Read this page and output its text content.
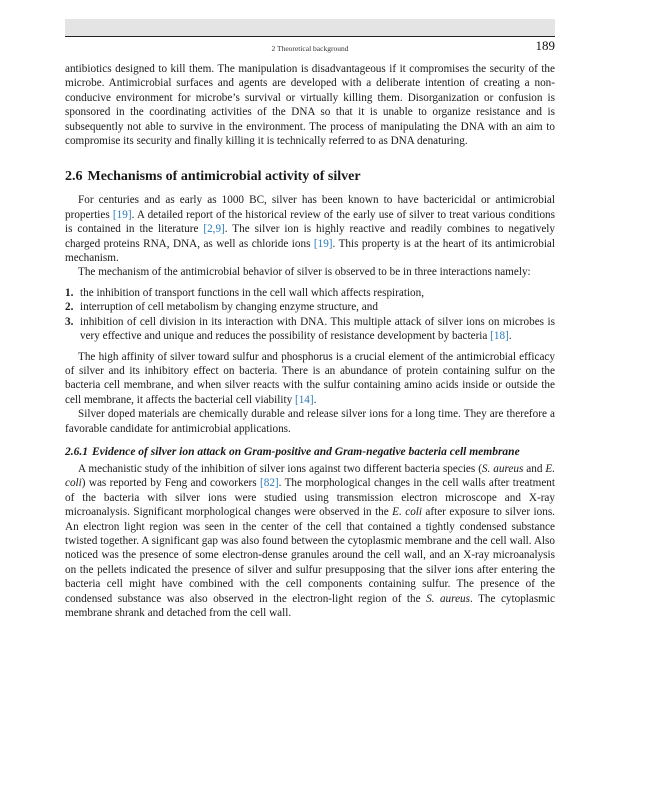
2 Theoretical background	189

antibiotics designed to kill them. The manipulation is disadvantageous if it compromises the security of the microbe. Antimicrobial surfaces and agents are developed with a deliberate intention of creating a non-conducive environment for microbe’s survival or virtually killing them. Disorganization or confusion is sponsored in the coordinating activities of the DNA so that it is unable to organize resistance and is subsequently not able to survive in the environment. The process of manipulating the DNA with an aim to compromise its security and finally killing it is technically referred to as DNA denaturing.

2.6 Mechanisms of antimicrobial activity of silver

For centuries and as early as 1000 BC, silver has been known to have bactericidal or antimicrobial properties [19]. A detailed report of the historical review of the early use of silver to treat various conditions is contained in the literature [2,9]. The silver ion is highly reactive and readily combines to negatively charged proteins RNA, DNA, as well as chloride ions [19]. This property is at the heart of its antimicrobial mechanism.

The mechanism of the antimicrobial behavior of silver is observed to be in three interactions namely:

1. the inhibition of transport functions in the cell wall which affects respiration,
2. interruption of cell metabolism by changing enzyme structure, and
3. inhibition of cell division in its interaction with DNA. This multiple attack of silver ions on microbes is very effective and unique and reduces the possibility of resistance development by bacteria [18].

The high affinity of silver toward sulfur and phosphorus is a crucial element of the antimicrobial efficacy of silver and its inhibitory effect on bacteria. There is an abundance of protein containing sulfur on the bacteria cell membrane, and when silver reacts with the sulfur containing amino acids inside or outside the cell membrane, it affects the bacterial cell viability [14].

Silver doped materials are chemically durable and release silver ions for a long time. They are therefore a favorable candidate for antimicrobial applications.

2.6.1 Evidence of silver ion attack on Gram-positive and Gram-negative bacteria cell membrane

A mechanistic study of the inhibition of silver ions against two different bacteria species (S. aureus and E. coli) was reported by Feng and coworkers [82]. The morphological changes in the cell walls after treatment of the bacteria with silver ions were studied using transmission electron microscope and X-ray microanalysis. Significant morphological changes were observed in the E. coli after exposure to silver ions. An electron light region was seen in the center of the cell that contained a tightly condensed substance twisted together. A significant gap was also found between the cytoplasmic membrane and the cell wall. Also noticed was the presence of some electron-dense granules around the cell wall, and an X-ray microanalysis on the pellets indicated the presence of silver and sulfur presupposing that the silver ions after entering the bacteria cell might have combined with the cell components containing sulfur. The presence of the condensed substance was also observed in the electron-light region of the S. aureus. The cytoplasmic membrane shrank and detached from the cell wall.
